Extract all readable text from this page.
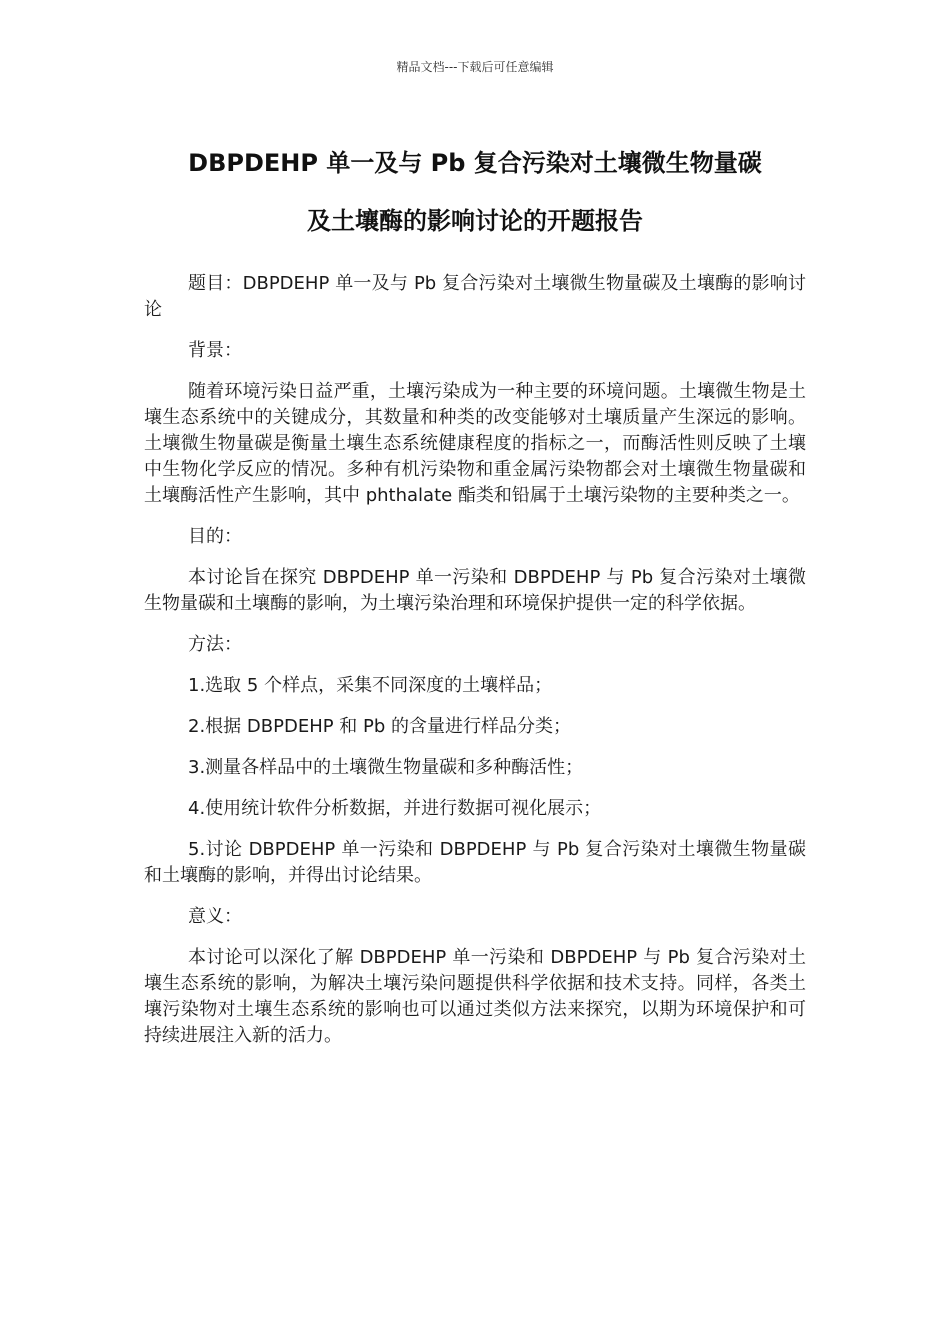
精品文档---下载后可任意编辑
DBPDEHP 单一及与 Pb 复合污染对土壤微生物量碳
及土壤酶的影响讨论的开题报告

题目：DBPDEHP 单一及与 Pb 复合污染对土壤微生物量碳及土壤酶的影响讨论

背景：

随着环境污染日益严重，土壤污染成为一种主要的环境问题。土壤微生物是土壤生态系统中的关键成分，其数量和种类的改变能够对土壤质量产生深远的影响。土壤微生物量碳是衡量土壤生态系统健康程度的指标之一，而酶活性则反映了土壤中生物化学反应的情况。多种有机污染物和重金属污染物都会对土壤微生物量碳和土壤酶活性产生影响，其中 phthalate 酯类和铅属于土壤污染物的主要种类之一。

目的：

本讨论旨在探究 DBPDEHP 单一污染和 DBPDEHP 与 Pb 复合污染对土壤微生物量碳和土壤酶的影响，为土壤污染治理和环境保护提供一定的科学依据。

方法：

1.选取 5 个样点，采集不同深度的土壤样品；

2.根据 DBPDEHP 和 Pb 的含量进行样品分类；

3.测量各样品中的土壤微生物量碳和多种酶活性；

4.使用统计软件分析数据，并进行数据可视化展示；

5.讨论 DBPDEHP 单一污染和 DBPDEHP 与 Pb 复合污染对土壤微生物量碳和土壤酶的影响，并得出讨论结果。

意义：

本讨论可以深化了解 DBPDEHP 单一污染和 DBPDEHP 与 Pb 复合污染对土壤生态系统的影响，为解决土壤污染问题提供科学依据和技术支持。同样，各类土壤污染物对土壤生态系统的影响也可以通过类似方法来探究，以期为环境保护和可持续进展注入新的活力。
